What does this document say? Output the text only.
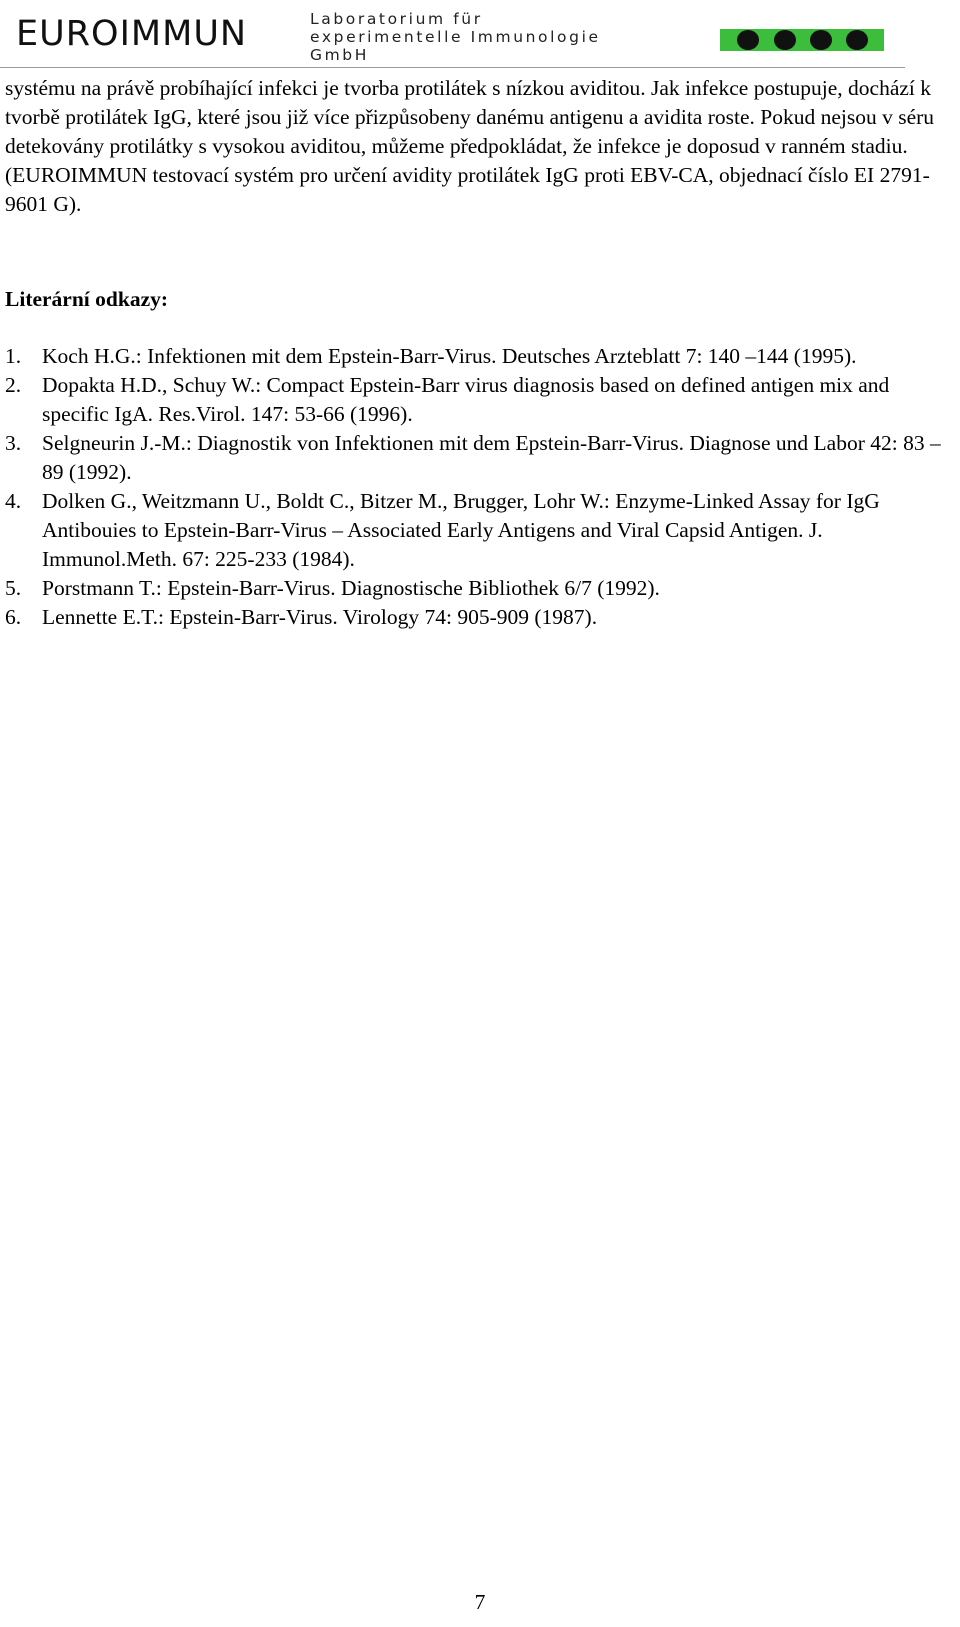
EUROIMMUN	Laboratorium für
experimentelle Immunologie
GmbH

systému na právě probíhající infekci je tvorba protilátek s nízkou aviditou. Jak infekce postupuje, dochází k tvorbě protilátek IgG, které jsou již více přizpůsobeny danému antigenu a avidita roste. Pokud nejsou v séru detekovány protilátky s vysokou aviditou, můžeme předpokládat, že infekce je doposud v ranném stadiu. (EUROIMMUN testovací systém pro určení avidity protilátek IgG proti EBV-CA, objednací číslo EI 2791-9601 G).

Literární odkazy:

1. Koch H.G.: Infektionen mit dem Epstein-Barr-Virus. Deutsches Arzteblatt 7: 140 –144 (1995).
2. Dopakta H.D., Schuy W.: Compact Epstein-Barr virus diagnosis based on defined antigen mix and specific IgA. Res.Virol. 147: 53-66 (1996).
3. Selgneurin J.-M.: Diagnostik von Infektionen mit dem Epstein-Barr-Virus. Diagnose und Labor 42: 83 –89 (1992).
4. Dolken G., Weitzmann U., Boldt C., Bitzer M., Brugger, Lohr W.: Enzyme-Linked Assay for IgG Antibouies to Epstein-Barr-Virus – Associated Early Antigens and Viral Capsid Antigen. J. Immunol.Meth. 67: 225-233 (1984).
5. Porstmann T.: Epstein-Barr-Virus. Diagnostische Bibliothek 6/7 (1992).
6. Lennette E.T.: Epstein-Barr-Virus. Virology 74: 905-909 (1987).
7
